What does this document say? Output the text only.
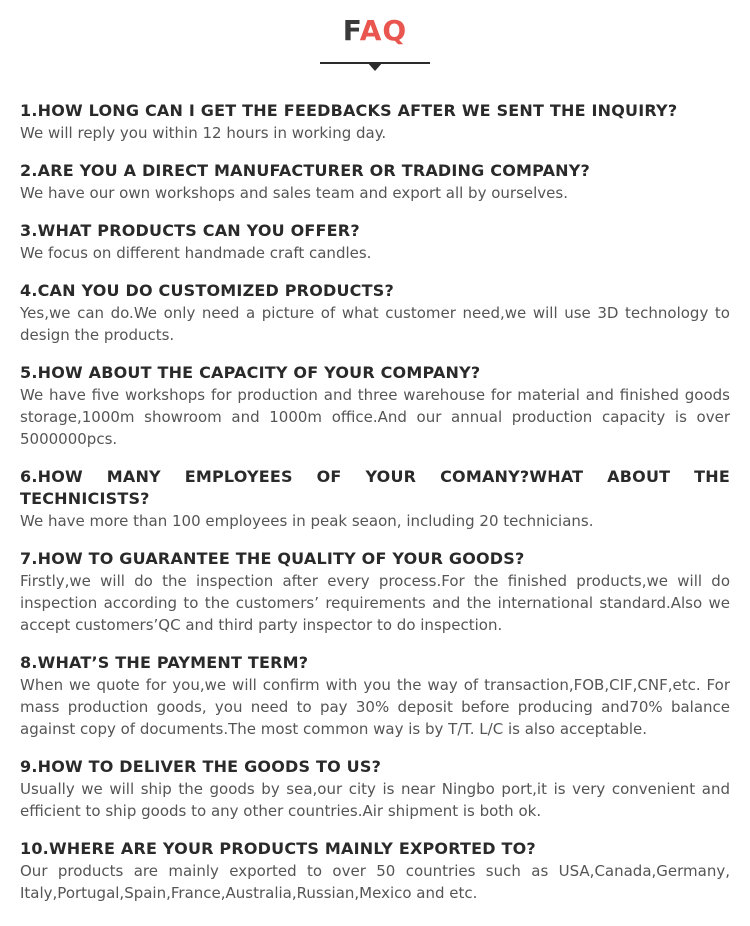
FAQ
1.HOW LONG CAN I GET THE FEEDBACKS AFTER WE SENT THE INQUIRY?
We will reply you within 12 hours in working day.
2.ARE YOU A DIRECT MANUFACTURER OR TRADING COMPANY?
We have our own workshops and sales team and export all by ourselves.
3.WHAT PRODUCTS CAN YOU OFFER?
We focus on different handmade craft candles.
4.CAN YOU DO CUSTOMIZED PRODUCTS?
Yes,we can do.We only need a picture of what customer need,we will use 3D technology to design the products.
5.HOW ABOUT THE CAPACITY OF YOUR COMPANY?
We have five workshops for production and three warehouse for material and finished goods storage,1000m showroom and 1000m office.And our annual production capacity is over 5000000pcs.
6.HOW MANY EMPLOYEES OF YOUR COMANY?WHAT ABOUT THE TECHNICISTS?
We have more than 100 employees in peak seaon, including 20 technicians.
7.HOW TO GUARANTEE THE QUALITY OF YOUR GOODS?
Firstly,we will do the inspection after every process.For the finished products,we will do inspection according to the customers’ requirements and the international standard.Also we accept customers’QC and third party inspector to do inspection.
8.WHAT’S THE PAYMENT TERM?
When we quote for you,we will confirm with you the way of transaction,FOB,CIF,CNF,etc. For mass production goods, you need to pay 30% deposit before producing and70% balance against copy of documents.The most common way is by T/T. L/C is also acceptable.
9.HOW TO DELIVER THE GOODS TO US?
Usually we will ship the goods by sea,our city is near Ningbo port,it is very convenient and efficient to ship goods to any other countries.Air shipment is both ok.
10.WHERE ARE YOUR PRODUCTS MAINLY EXPORTED TO?
Our products are mainly exported to over 50 countries such as USA,Canada,Germany, Italy,Portugal,Spain,France,Australia,Russian,Mexico and etc.
